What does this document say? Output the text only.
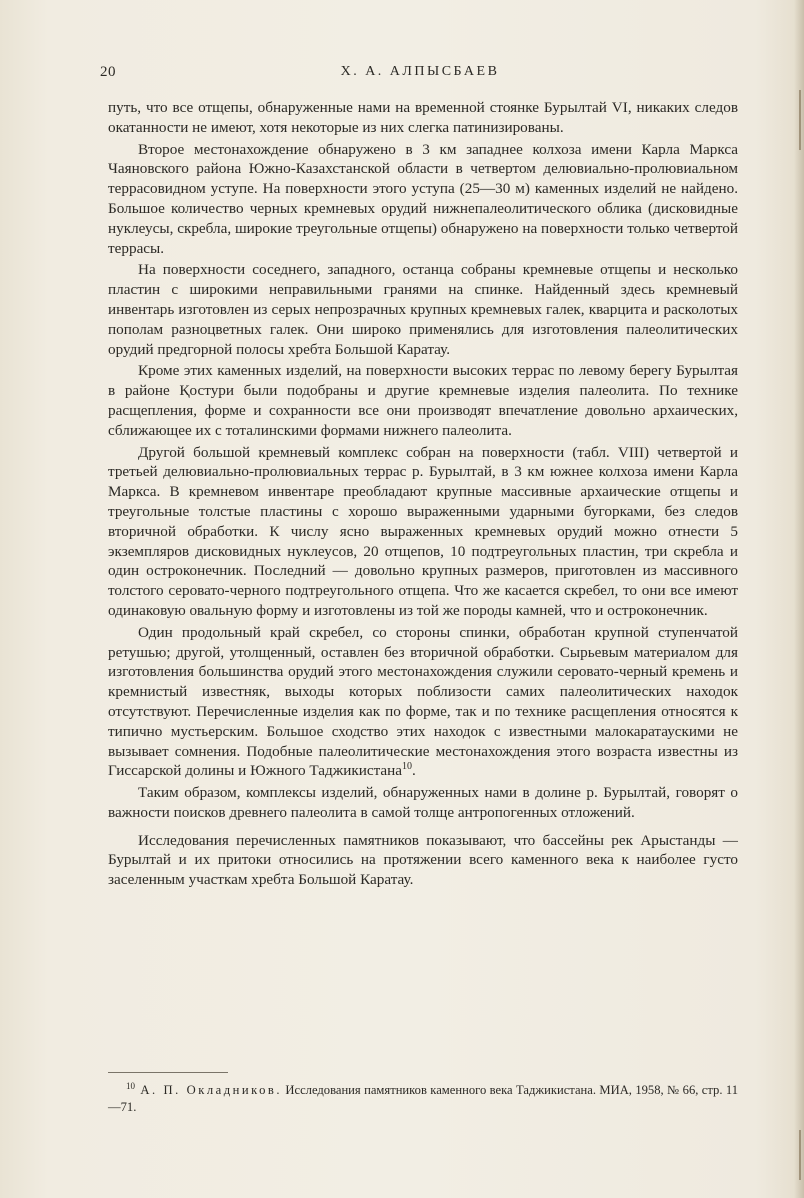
20	Х. А. АЛПЫСБАЕВ

путь, что все отщепы, обнаруженные нами на временной стоянке Бурылтай VI, никаких следов окатанности не имеют, хотя некоторые из них слегка патинизированы.

Второе местонахождение обнаружено в 3 км западнее колхоза имени Карла Маркса Чаяновского района Южно-Казахстанской области в четвертом делювиально-пролювиальном террасовидном уступе. На поверхности этого уступа (25—30 м) каменных изделий не найдено. Большое количество черных кремневых орудий нижнепалеолитического облика (дисковидные нуклеусы, скребла, широкие треугольные отщепы) обнаружено на поверхности только четвертой террасы.

На поверхности соседнего, западного, останца собраны кремневые отщепы и несколько пластин с широкими неправильными гранями на спинке. Найденный здесь кремневый инвентарь изготовлен из серых непрозрачных крупных кремневых галек, кварцита и расколотых пополам разноцветных галек. Они широко применялись для изготовления палеолитических орудий предгорной полосы хребта Большой Каратау.

Кроме этих каменных изделий, на поверхности высоких террас по левому берегу Бурылтая в районе Қостури были подобраны и другие кремневые изделия палеолита. По технике расщепления, форме и сохранности все они производят впечатление довольно архаических, сближающее их с тоталинскими формами нижнего палеолита.

Другой большой кремневый комплекс собран на поверхности (табл. VIII) четвертой и третьей делювиально-пролювиальных террас р. Бурылтай, в 3 км южнее колхоза имени Карла Маркса. В кремневом инвентаре преобладают крупные массивные архаические отщепы и треугольные толстые пластины с хорошо выраженными ударными бугорками, без следов вторичной обработки. К числу ясно выраженных кремневых орудий можно отнести 5 экземпляров дисковидных нуклеусов, 20 отщепов, 10 подтреугольных пластин, три скребла и один остроконечник. Последний — довольно крупных размеров, приготовлен из массивного толстого серовато-черного подтреугольного отщепа. Что же касается скребел, то они все имеют одинаковую овальную форму и изготовлены из той же породы камней, что и остроконечник.

Один продольный край скребел, со стороны спинки, обработан крупной ступенчатой ретушью; другой, утолщенный, оставлен без вторичной обработки. Сырьевым материалом для изготовления большинства орудий этого местонахождения служили серовато-черный кремень и кремнистый известняк, выходы которых поблизости самих палеолитических находок отсутствуют. Перечисленные изделия как по форме, так и по технике расщепления относятся к типично мустьерским. Большое сходство этих находок с известными малокаратаускими не вызывает сомнения. Подобные палеолитические местонахождения этого возраста известны из Гиссарской долины и Южного Таджикистана$^{10}$.

Таким образом, комплексы изделий, обнаруженных нами в долине р. Бурылтай, говорят о важности поисков древнего палеолита в самой толще антропогенных отложений.

Исследования перечисленных памятников показывают, что бассейны рек Арыстанды — Бурылтай и их притоки относились на протяжении всего каменного века к наиболее густо заселенным участкам хребта Большой Каратау.

$^{10}$ А. П. Окладников. Исследования памятников каменного века Таджикистана. МИА, 1958, № 66, стр. 11—71.
